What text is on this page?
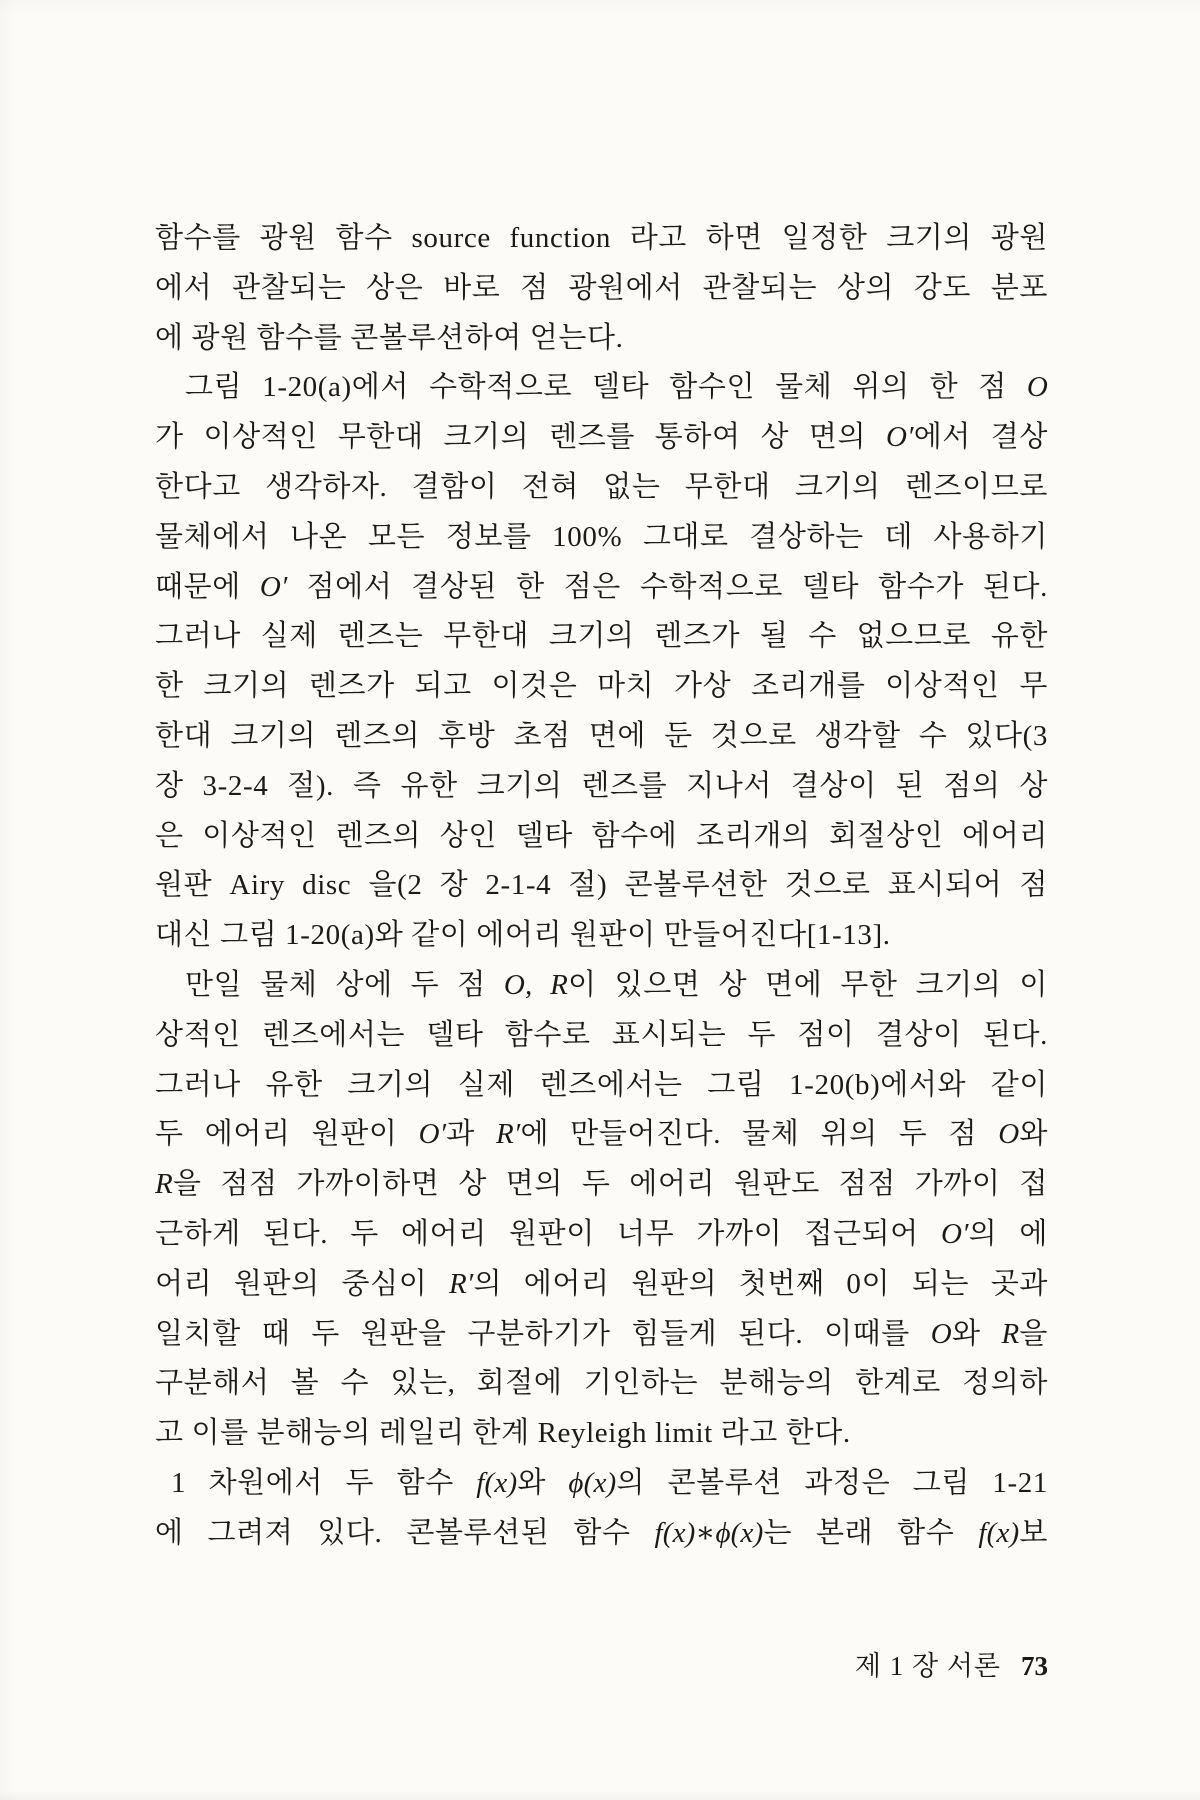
함수를 광원 함수 source function 라고 하면 일정한 크기의 광원
에서 관찰되는 상은 바로 점 광원에서 관찰되는 상의 강도 분포
에 광원 함수를 콘볼루션하여 얻는다.
그림 1-20(a)에서 수학적으로 델타 함수인 물체 위의 한 점 O
가 이상적인 무한대 크기의 렌즈를 통하여 상 면의 O′에서 결상
한다고 생각하자. 결함이 전혀 없는 무한대 크기의 렌즈이므로
물체에서 나온 모든 정보를 100% 그대로 결상하는 데 사용하기
때문에 O′ 점에서 결상된 한 점은 수학적으로 델타 함수가 된다.
그러나 실제 렌즈는 무한대 크기의 렌즈가 될 수 없으므로 유한
한 크기의 렌즈가 되고 이것은 마치 가상 조리개를 이상적인 무
한대 크기의 렌즈의 후방 초점 면에 둔 것으로 생각할 수 있다(3
장 3-2-4 절). 즉 유한 크기의 렌즈를 지나서 결상이 된 점의 상
은 이상적인 렌즈의 상인 델타 함수에 조리개의 회절상인 에어리
원판 Airy disc 을(2 장 2-1-4 절) 콘볼루션한 것으로 표시되어 점
대신 그림 1-20(a)와 같이 에어리 원판이 만들어진다[1-13].
만일 물체 상에 두 점 O, R이 있으면 상 면에 무한 크기의 이
상적인 렌즈에서는 델타 함수로 표시되는 두 점이 결상이 된다.
그러나 유한 크기의 실제 렌즈에서는 그림 1-20(b)에서와 같이
두 에어리 원판이 O′과 R′에 만들어진다. 물체 위의 두 점 O와
R을 점점 가까이하면 상 면의 두 에어리 원판도 점점 가까이 접
근하게 된다. 두 에어리 원판이 너무 가까이 접근되어 O′의 에
어리 원판의 중심이 R′의 에어리 원판의 첫번째 0이 되는 곳과
일치할 때 두 원판을 구분하기가 힘들게 된다. 이때를 O와 R을
구분해서 볼 수 있는, 회절에 기인하는 분해능의 한계로 정의하
고 이를 분해능의 레일리 한계 Reyleigh limit 라고 한다.
1 차원에서 두 함수 f(x)와 ϕ(x)의 콘볼루션 과정은 그림 1-21
에 그려져 있다. 콘볼루션된 함수 f(x)∗ϕ(x)는 본래 함수 f(x)보
제 1 장 서론 73
